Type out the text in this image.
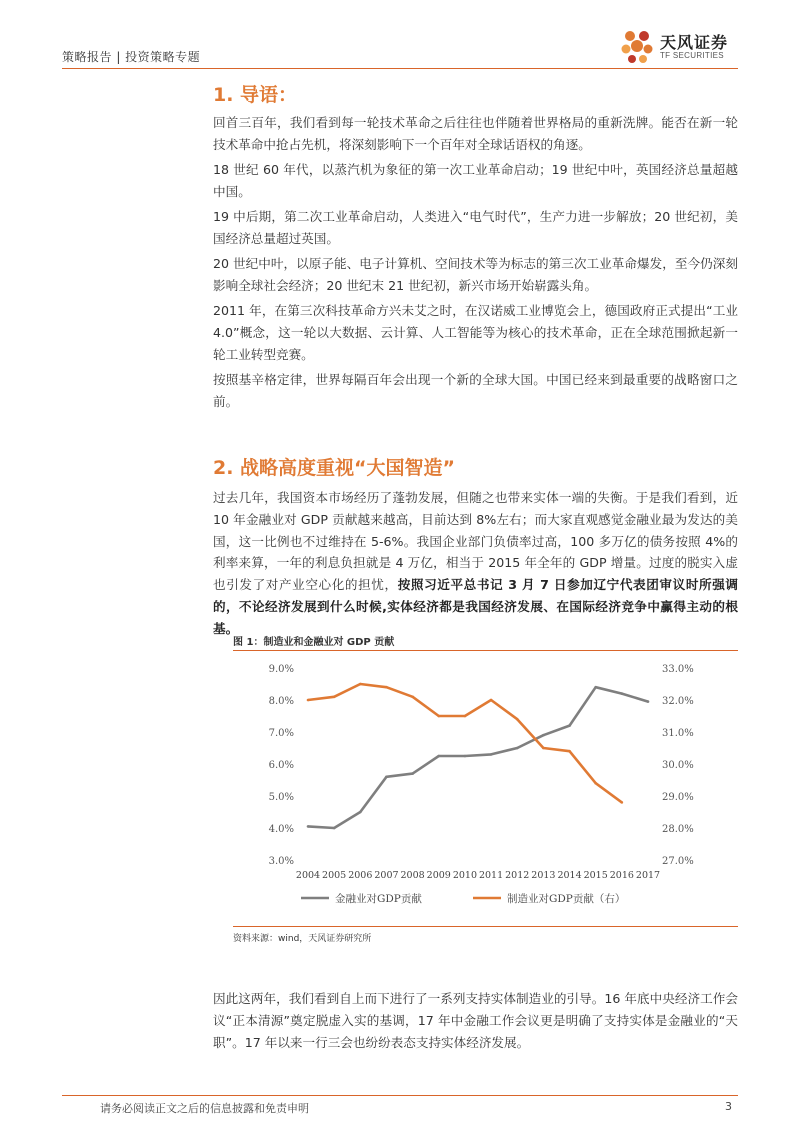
策略报告 | 投资策略专题
天风证券
TF SECURITIES
1. 导语：

回首三百年，我们看到每一轮技术革命之后往往也伴随着世界格局的重新洗牌。能否在新一轮技术革命中抢占先机，将深刻影响下一个百年对全球话语权的角逐。

18 世纪 60 年代，以蒸汽机为象征的第一次工业革命启动；19 世纪中叶，英国经济总量超越中国。

19 中后期，第二次工业革命启动，人类进入“电气时代”，生产力进一步解放；20 世纪初，美国经济总量超过英国。

20 世纪中叶，以原子能、电子计算机、空间技术等为标志的第三次工业革命爆发，至今仍深刻影响全球社会经济；20 世纪末 21 世纪初，新兴市场开始崭露头角。

2011 年，在第三次科技革命方兴未艾之时，在汉诺威工业博览会上，德国政府正式提出“工业 4.0”概念，这一轮以大数据、云计算、人工智能等为核心的技术革命，正在全球范围掀起新一轮工业转型竞赛。

按照基辛格定律，世界每隔百年会出现一个新的全球大国。中国已经来到最重要的战略窗口之前。

2. 战略高度重视“大国智造”

过去几年，我国资本市场经历了蓬勃发展，但随之也带来实体一端的失衡。于是我们看到，近 10 年金融业对 GDP 贡献越来越高，目前达到 8%左右；而大家直观感觉金融业最为发达的美国，这一比例也不过维持在 5-6%。我国企业部门负债率过高，100 多万亿的债务按照 4%的利率来算，一年的利息负担就是 4 万亿，相当于 2015 年全年的 GDP 增量。过度的脱实入虚也引发了对产业空心化的担忧，按照习近平总书记 3 月 7 日参加辽宁代表团审议时所强调的，不论经济发展到什么时候,实体经济都是我国经济发展、在国际经济竞争中赢得主动的根基。

图 1：制造业和金融业对 GDP 贡献
3.0%
4.0%
5.0%
6.0%
7.0%
8.0%
9.0%
27.0%
28.0%
29.0%
30.0%
31.0%
32.0%
33.0%
2004 2005 2006 2007 2008 2009 2010 2011 2012 2013 2014 2015 2016 2017
金融业对GDP贡献	制造业对GDP贡献（右）
资料来源：wind，天风证券研究所

因此这两年，我们看到自上而下进行了一系列支持实体制造业的引导。16 年底中央经济工作会议“正本清源”奠定脱虚入实的基调，17 年中金融工作会议更是明确了支持实体是金融业的“天职”。17 年以来一行三会也纷纷表态支持实体经济发展。

请务必阅读正文之后的信息披露和免责申明	3
